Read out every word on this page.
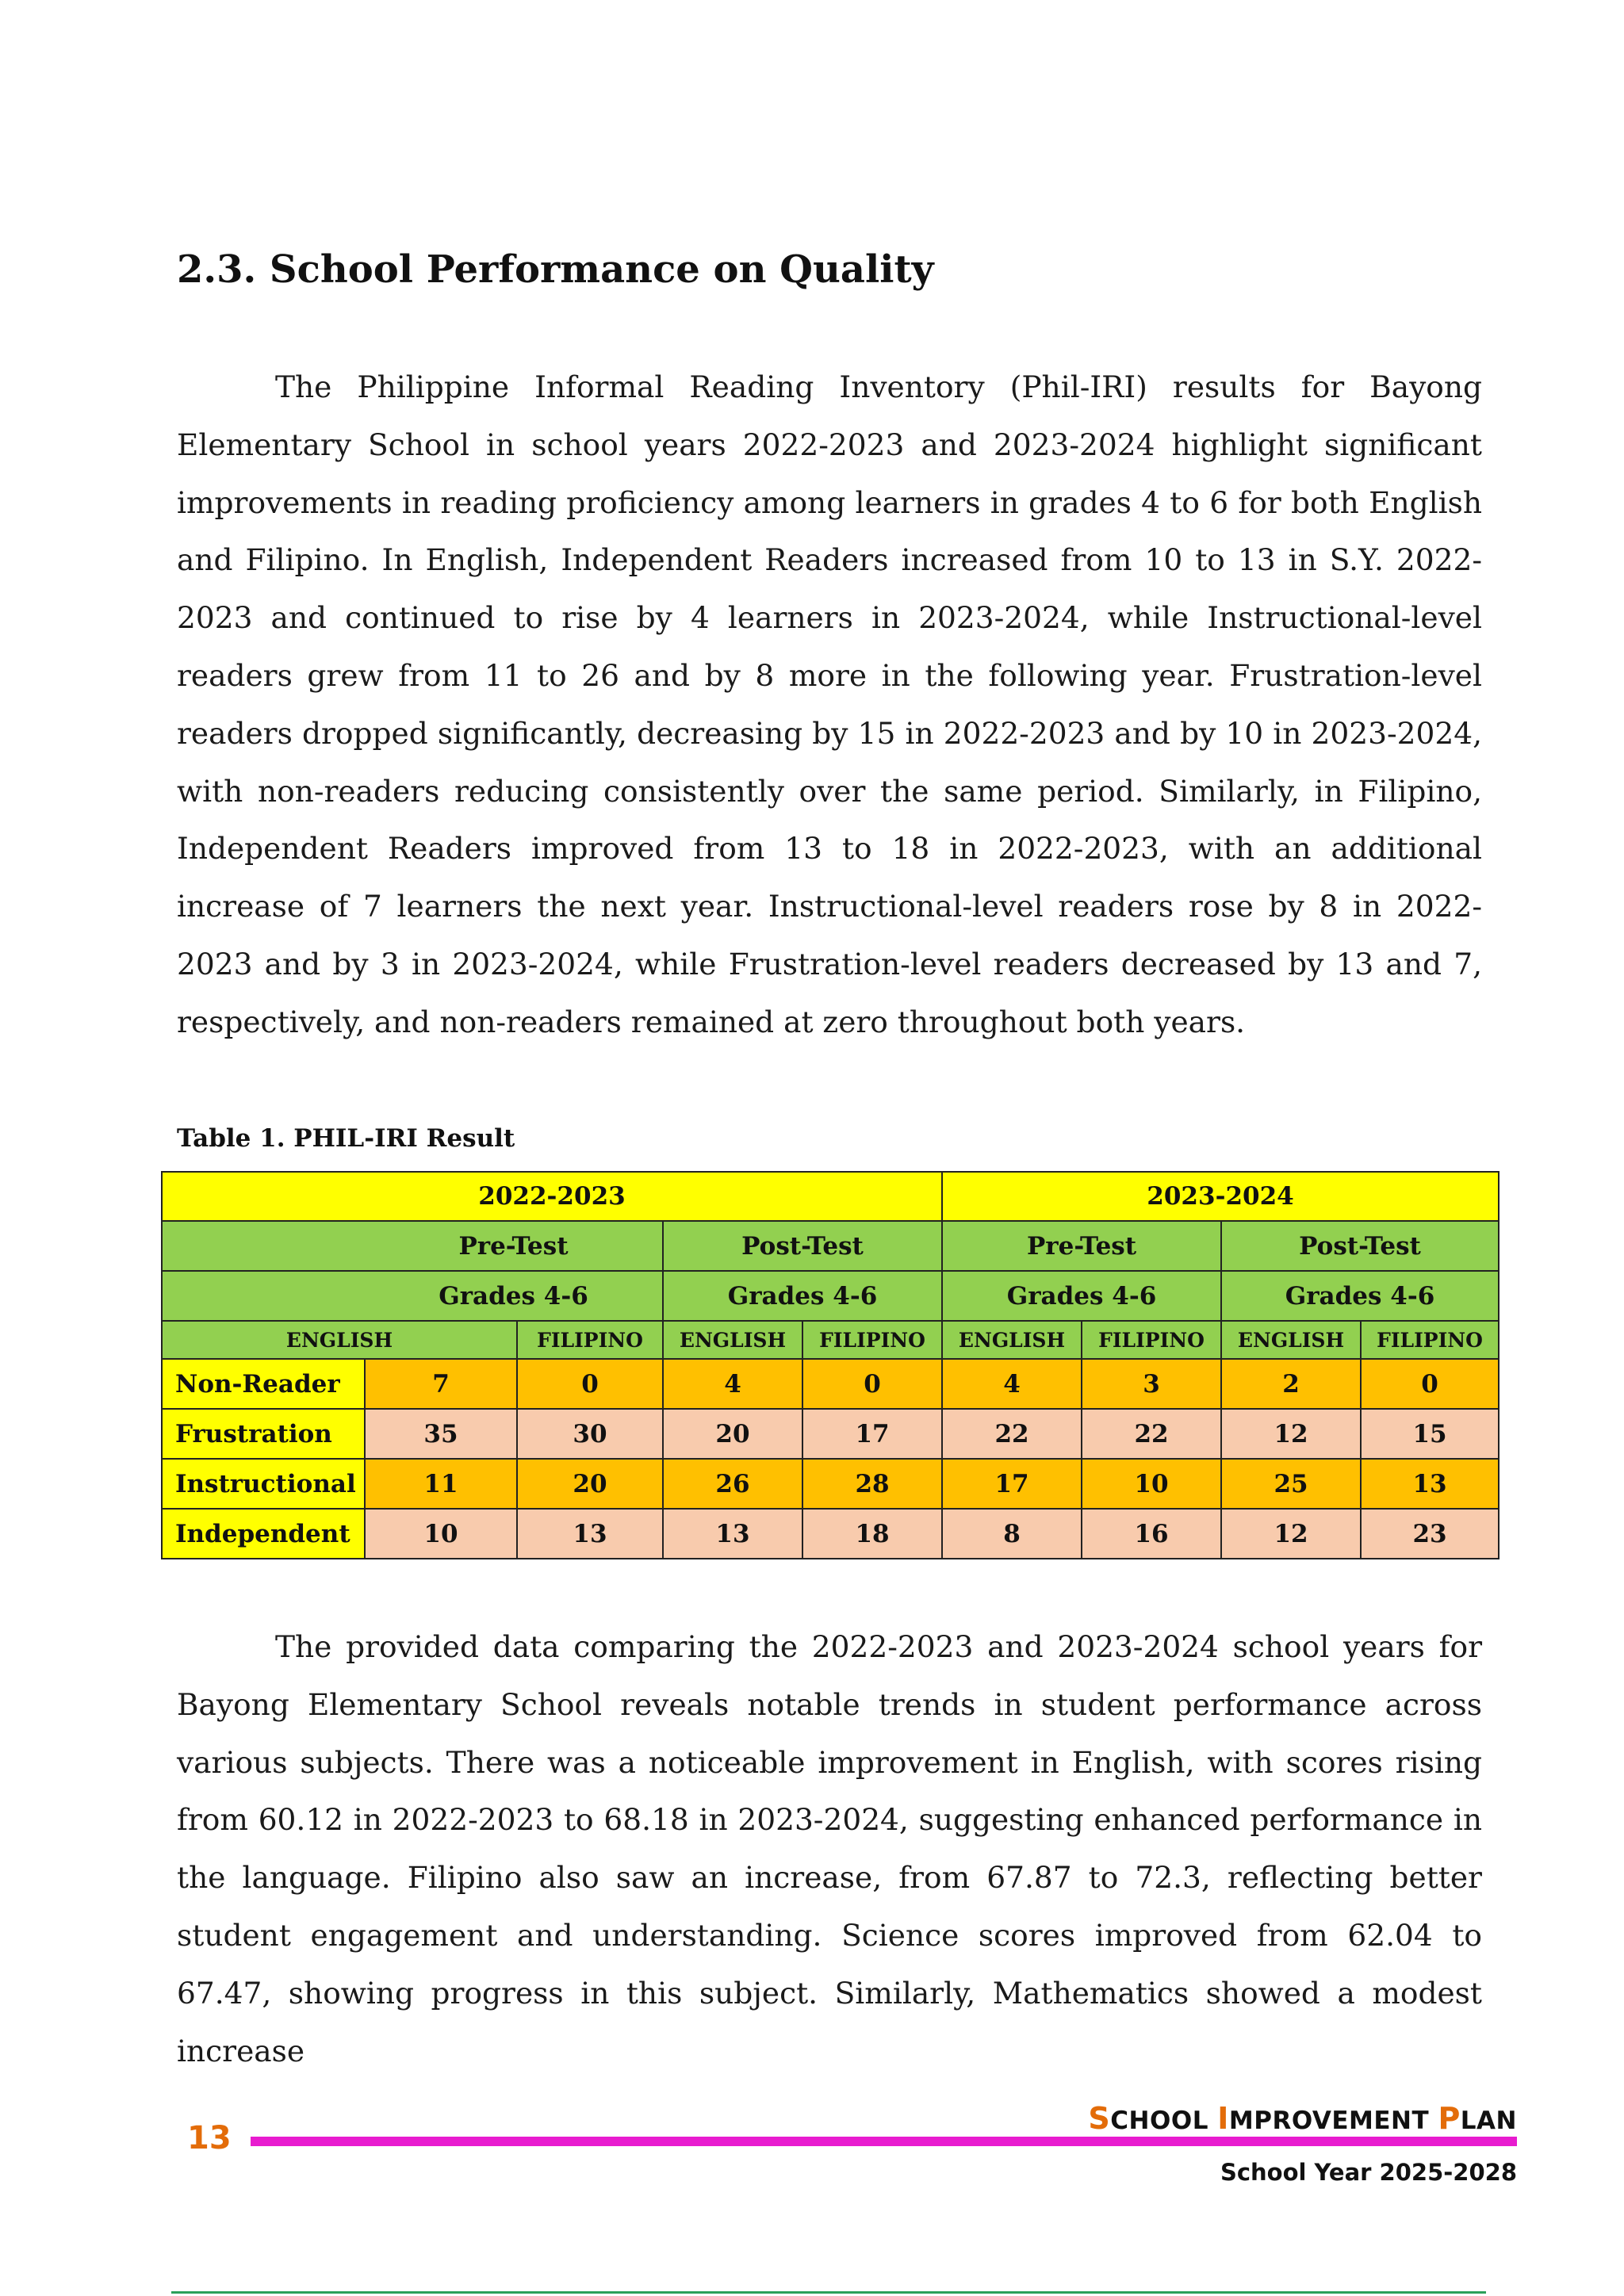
2.3. School Performance on Quality

The Philippine Informal Reading Inventory (Phil-IRI) results for Bayong Elementary School in school years 2022-2023 and 2023-2024 highlight significant improvements in reading proficiency among learners in grades 4 to 6 for both English and Filipino. In English, Independent Readers increased from 10 to 13 in S.Y. 2022-2023 and continued to rise by 4 learners in 2023-2024, while Instructional-level readers grew from 11 to 26 and by 8 more in the following year. Frustration-level readers dropped significantly, decreasing by 15 in 2022-2023 and by 10 in 2023-2024, with non-readers reducing consistently over the same period. Similarly, in Filipino, Independent Readers improved from 13 to 18 in 2022-2023, with an additional increase of 7 learners the next year. Instructional-level readers rose by 8 in 2022-2023 and by 3 in 2023-2024, while Frustration-level readers decreased by 13 and 7, respectively, and non-readers remained at zero throughout both years.

Table 1. PHIL-IRI Result

2022-2023					2023-2024			
	Pre-Test		Post-Test		Pre-Test		Post-Test	
	Grades 4-6		Grades 4-6		Grades 4-6		Grades 4-6	
ENGLISH		FILIPINO	ENGLISH	FILIPINO	ENGLISH	FILIPINO	ENGLISH	FILIPINO
Non-Reader	7	0	4	0	4	3	2	0
Frustration	35	30	20	17	22	22	12	15
Instructional	11	20	26	28	17	10	25	13
Independent	10	13	13	18	8	16	12	23

The provided data comparing the 2022-2023 and 2023-2024 school years for Bayong Elementary School reveals notable trends in student performance across various subjects. There was a noticeable improvement in English, with scores rising from 60.12 in 2022-2023 to 68.18 in 2023-2024, suggesting enhanced performance in the language. Filipino also saw an increase, from 67.87 to 72.3, reflecting better student engagement and understanding. Science scores improved from 62.04 to 67.47, showing progress in this subject. Similarly, Mathematics showed a modest increase

SCHOOL IMPROVEMENT PLAN

13

School Year 2025-2028
